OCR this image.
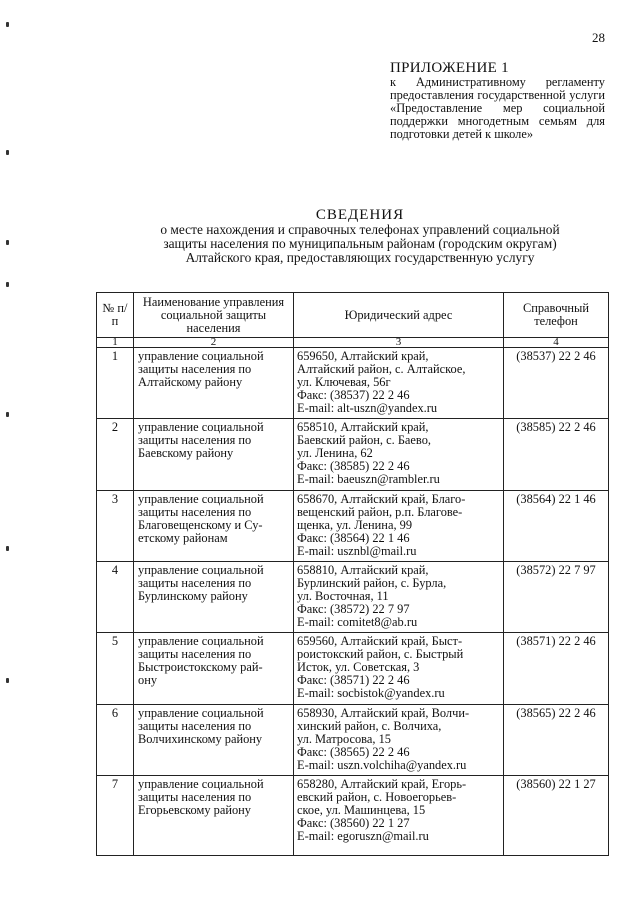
28
ПРИЛОЖЕНИЕ 1
к Административному регламенту предоставления государственной услуги «Предоставление мер социальной поддержки многодетным семьям для подготовки детей к школе»
СВЕДЕНИЯ
о месте нахождения и справочных телефонах управлений социальной защиты населения по муниципальным районам (городским округам) Алтайского края, предоставляющих государственную услугу
№ п/п	Наименование управления социальной защиты населения	Юридический адрес	Справочный телефон
1	2	3	4
1	управление социальной
защиты населения по
Алтайскому району	659650, Алтайский край,
Алтайский район, с. Алтайское,
ул. Ключевая, 56г
Факс: (38537) 22 2 46
E-mail: alt-uszn@yandex.ru	(38537) 22 2 46
2	управление социальной
защиты населения по
Баевскому району	658510, Алтайский край,
Баевский район, с. Баево,
ул. Ленина, 62
Факс: (38585) 22 2 46
E-mail: baeuszn@rambler.ru	(38585) 22 2 46
3	управление социальной
защиты населения по
Благовещенскому и Су-
етскому районам	658670, Алтайский край, Благо-
вещенский район, р.п. Благове-
щенка, ул. Ленина, 99
Факс: (38564) 22 1 46
E-mail: usznbl@mail.ru	(38564) 22 1 46
4	управление социальной
защиты населения по
Бурлинскому району	658810, Алтайский край,
Бурлинский район, с. Бурла,
ул. Восточная, 11
Факс: (38572) 22 7 97
E-mail: comitet8@ab.ru	(38572) 22 7 97
5	управление социальной
защиты населения по
Быстроистокскому рай-
ону	659560, Алтайский край, Быст-
роистокский район, с. Быстрый
Исток, ул. Советская, 3
Факс: (38571) 22 2 46
E-mail: socbistok@yandex.ru	(38571) 22 2 46
6	управление социальной
защиты населения по
Волчихинскому району	658930, Алтайский край, Волчи-
хинский район, с. Волчиха,
ул. Матросова, 15
Факс: (38565) 22 2 46
E-mail: uszn.volchiha@yandex.ru	(38565) 22 2 46
7	управление социальной
защиты населения по
Егорьевскому району	658280, Алтайский край, Егорь-
евский район, с. Новоегорьев-
ское, ул. Машинцева, 15
Факс: (38560) 22 1 27
E-mail: egoruszn@mail.ru	(38560) 22 1 27
